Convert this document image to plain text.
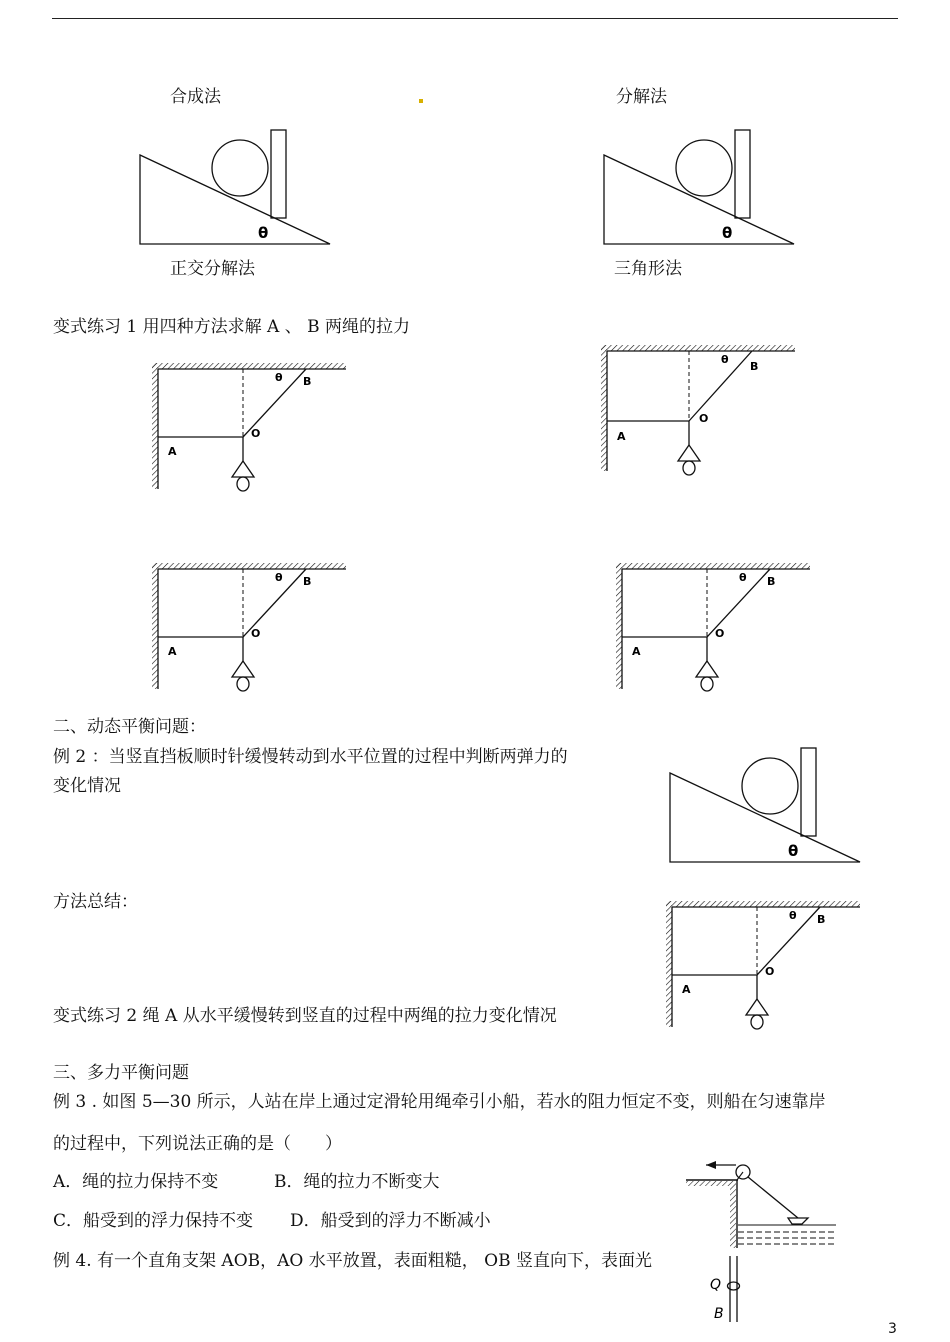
合成法	分解法
θ	θ
正交分解法	三角形法
变式练习 1 用四种方法求解 A 、 B 两绳的拉力
θ B
O
A
θ
B
O
A
θ B
O
A
θ B
O
A
二、动态平衡问题：
例 2 ：当竖直挡板顺时针缓慢转动到水平位置的过程中判断两弹力的
变化情况
θ
方法总结：
θ B
O
A
变式练习 2 绳 A 从水平缓慢转到竖直的过程中两绳的拉力变化情况
三、多力平衡问题
例 3 . 如图 5—30 所示，人站在岸上通过定滑轮用绳牵引小船，若水的阻力恒定不变，则船在匀速靠岸
的过程中，下列说法正确的是（　　）
A．绳的拉力保持不变	B．绳的拉力不断变大
C．船受到的浮力保持不变 D．船受到的浮力不断减小
例 4. 有一个直角支架 AOB，AO 水平放置，表面粗糙， OB 竖直向下，表面光
Q
B
3
